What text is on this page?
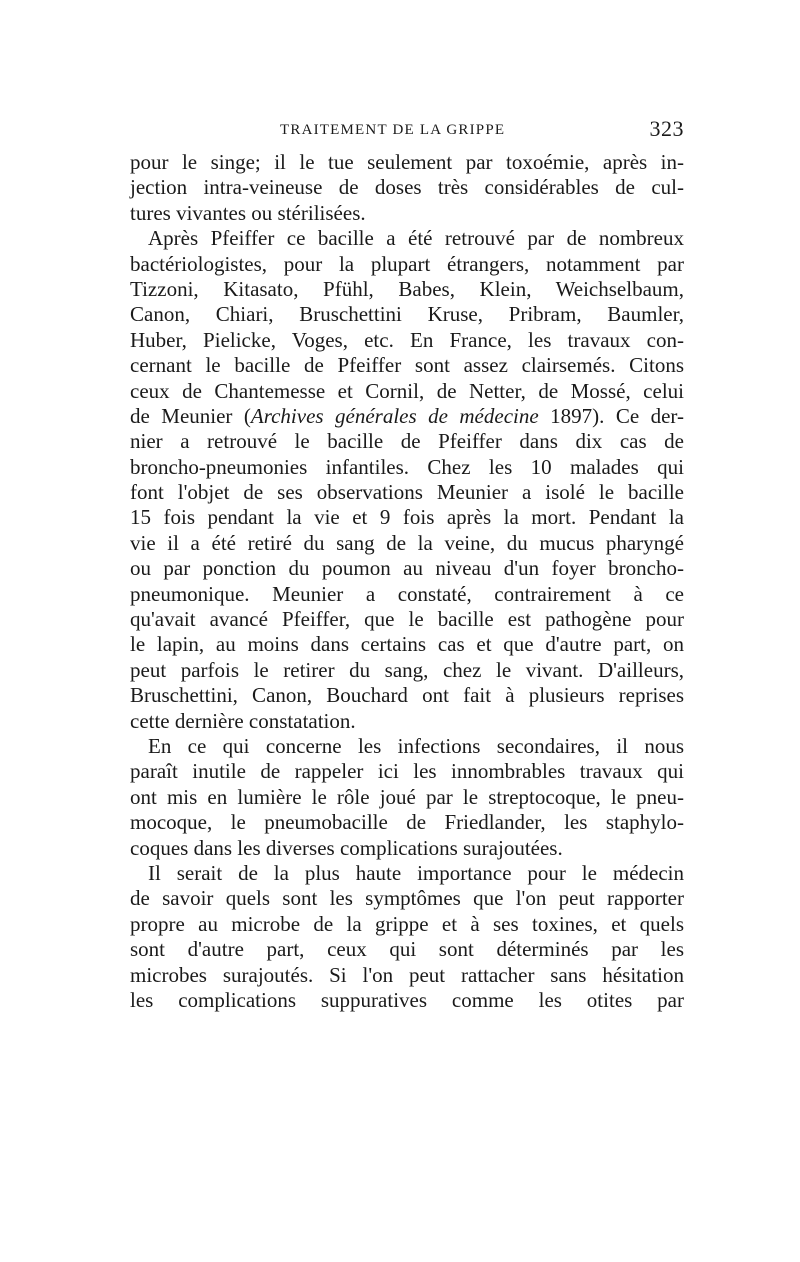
TRAITEMENT DE LA GRIPPE	323
pour le singe; il le tue seulement par toxoémie, après in-
jection intra-veineuse de doses très considérables de cul-
tures vivantes ou stérilisées.
Après Pfeiffer ce bacille a été retrouvé par de nombreux
bactériologistes, pour la plupart étrangers, notamment par
Tizzoni, Kitasato, Pfühl, Babes, Klein, Weichselbaum,
Canon, Chiari, Bruschettini Kruse, Pribram, Baumler,
Huber, Pielicke, Voges, etc. En France, les travaux con-
cernant le bacille de Pfeiffer sont assez clairsemés. Citons
ceux de Chantemesse et Cornil, de Netter, de Mossé, celui
de Meunier (Archives générales de médecine 1897). Ce der-
nier a retrouvé le bacille de Pfeiffer dans dix cas de
broncho-pneumonies infantiles. Chez les 10 malades qui
font l'objet de ses observations Meunier a isolé le bacille
15 fois pendant la vie et 9 fois après la mort. Pendant la
vie il a été retiré du sang de la veine, du mucus pharyngé
ou par ponction du poumon au niveau d'un foyer broncho-
pneumonique. Meunier a constaté, contrairement à ce
qu'avait avancé Pfeiffer, que le bacille est pathogène pour
le lapin, au moins dans certains cas et que d'autre part, on
peut parfois le retirer du sang, chez le vivant. D'ailleurs,
Bruschettini, Canon, Bouchard ont fait à plusieurs reprises
cette dernière constatation.
En ce qui concerne les infections secondaires, il nous
paraît inutile de rappeler ici les innombrables travaux qui
ont mis en lumière le rôle joué par le streptocoque, le pneu-
mocoque, le pneumobacille de Friedlander, les staphylo-
coques dans les diverses complications surajoutées.
Il serait de la plus haute importance pour le médecin
de savoir quels sont les symptômes que l'on peut rapporter
propre au microbe de la grippe et à ses toxines, et quels
sont d'autre part, ceux qui sont déterminés par les
microbes surajoutés. Si l'on peut rattacher sans hésitation
les complications suppuratives comme les otites par
